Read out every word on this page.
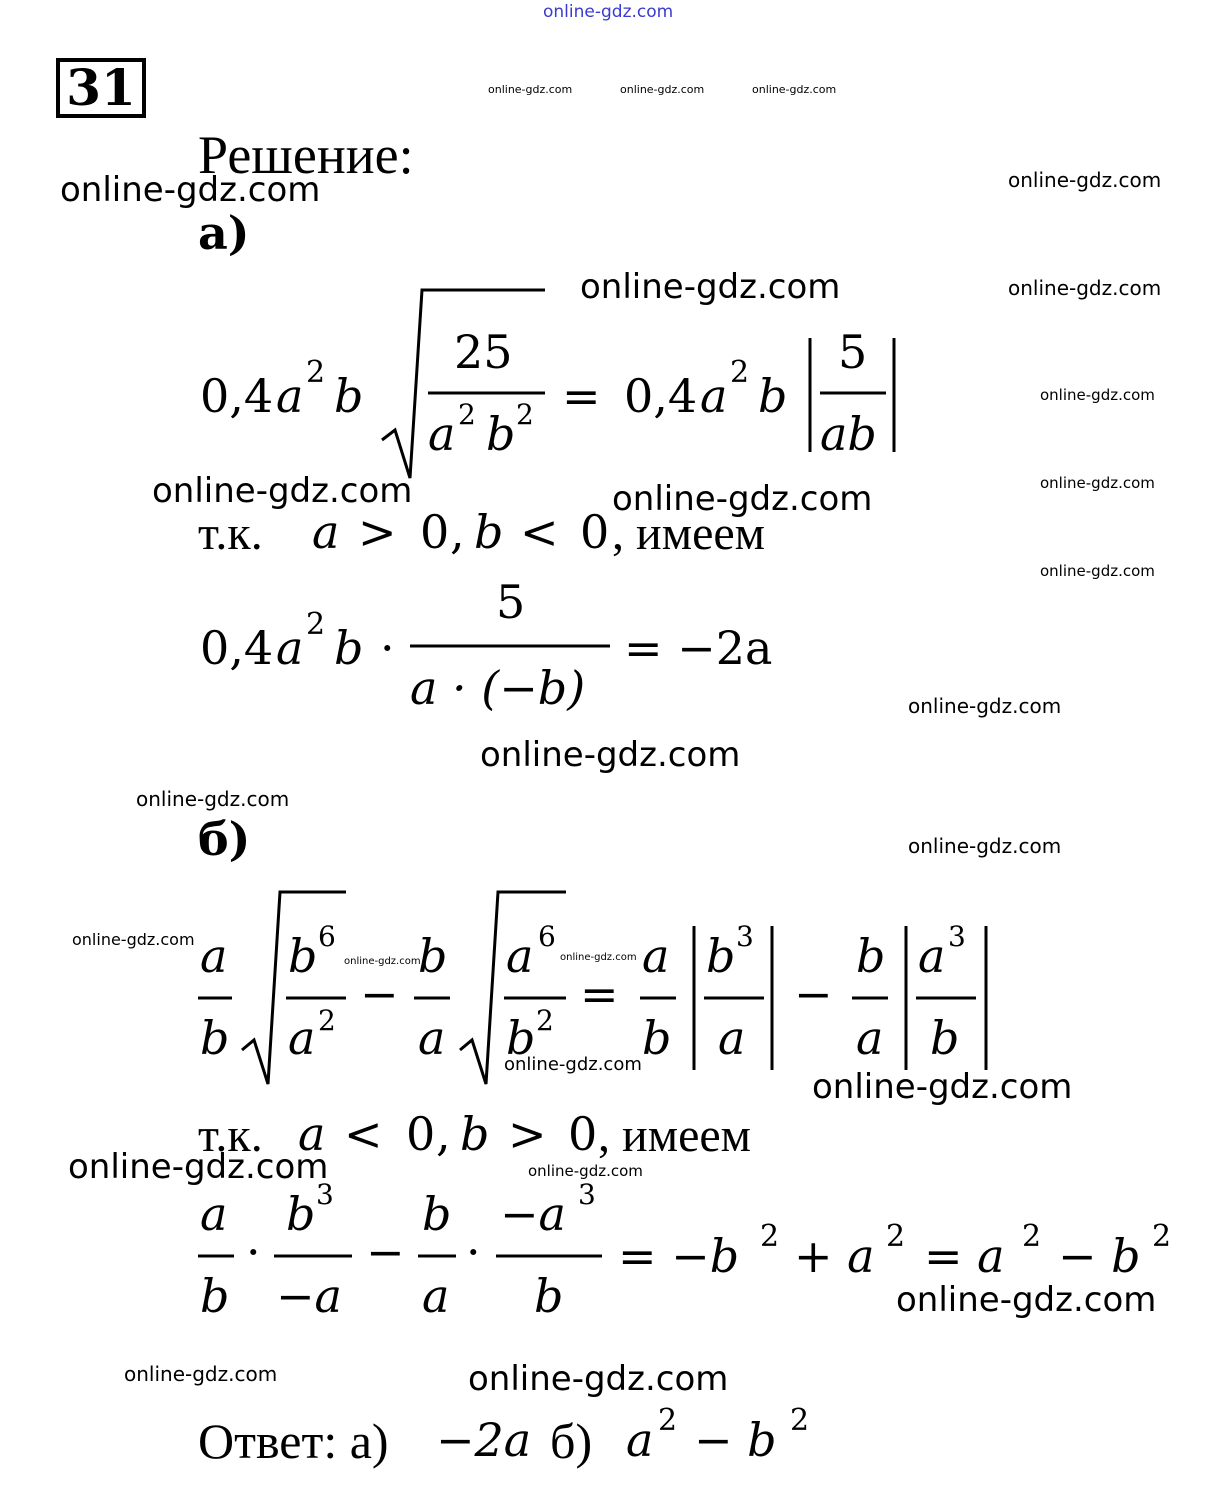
online-gdz.com
online-gdz.com	online-gdz.com	online-gdz.com
online-gdz.com
online-gdz.com
online-gdz.com	online-gdz.com
online-gdz.com
online-gdz.com
online-gdz.com	online-gdz.com
online-gdz.com
online-gdz.com
online-gdz.com
online-gdz.com
online-gdz.com
online-gdz.com
online-gdz.com	online-gdz.com
online-gdz.com
online-gdz.com
online-gdz.com
online-gdz.com
online-gdz.com
online-gdz.com	online-gdz.com
31
Решение:
а)
0,4 a 2 b
25
a 2 b 2 = 0,4 a 2 b
5
ab
a > 0 , b < 0
0,4 a 2 b ·
5
a · (−b)
= −2a
a
b
b 6
a 2 −
b
a
a 6
b 2 =
a
b
b 3
a
−
b
a
a 3
b
a < 0 , b > 0
a
b
·
b 3
−a
−
b
a
·
−a 3
b
= −b 2 + a 2 = a 2 − b 2
−2a a 2 − b 2
т.к.	, имеем
б)
т.к.	, имеем
Ответ: а)	б)
